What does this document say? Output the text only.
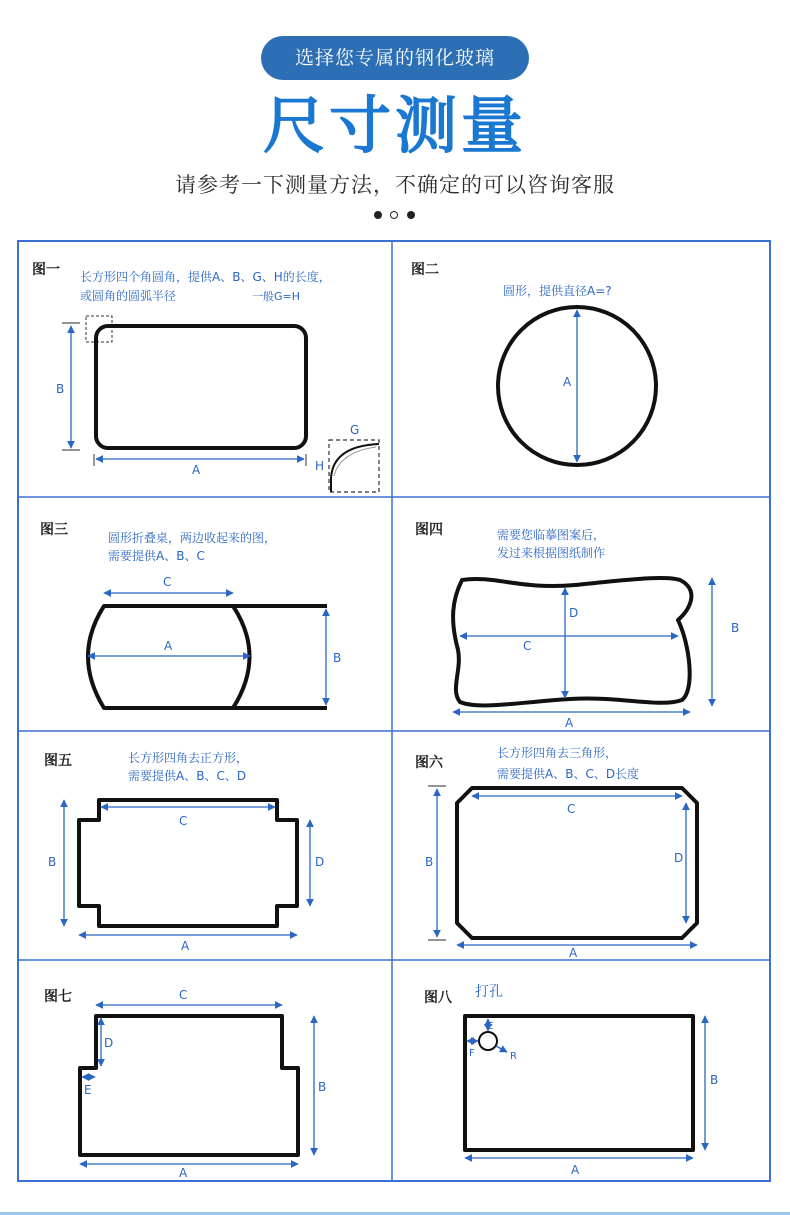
选择您专属的钢化玻璃
尺寸测量
请参考一下测量方法，不确定的可以咨询客服
图一 长方形四个角圆角，提供A、B、G、H的长度，
或圆角的圆弧半径	一般G=H
B
A
G
H
图二
圆形，提供直径A=?
A
图三	圆形折叠桌，两边收起来的图，
需要提供A、B、C
C
A
B
图四	需要您临摹图案后，
发过来根据图纸制作
D
C
A
B
图五	长方形四角去正方形，
需要提供A、B、C、D
C
B	D
A
图六
长方形四角去三角形，
需要提供A、B、C、D长度
C
B	D
A
图七	C
D
E	B
A
图八 打孔
E
F	R
B
A
